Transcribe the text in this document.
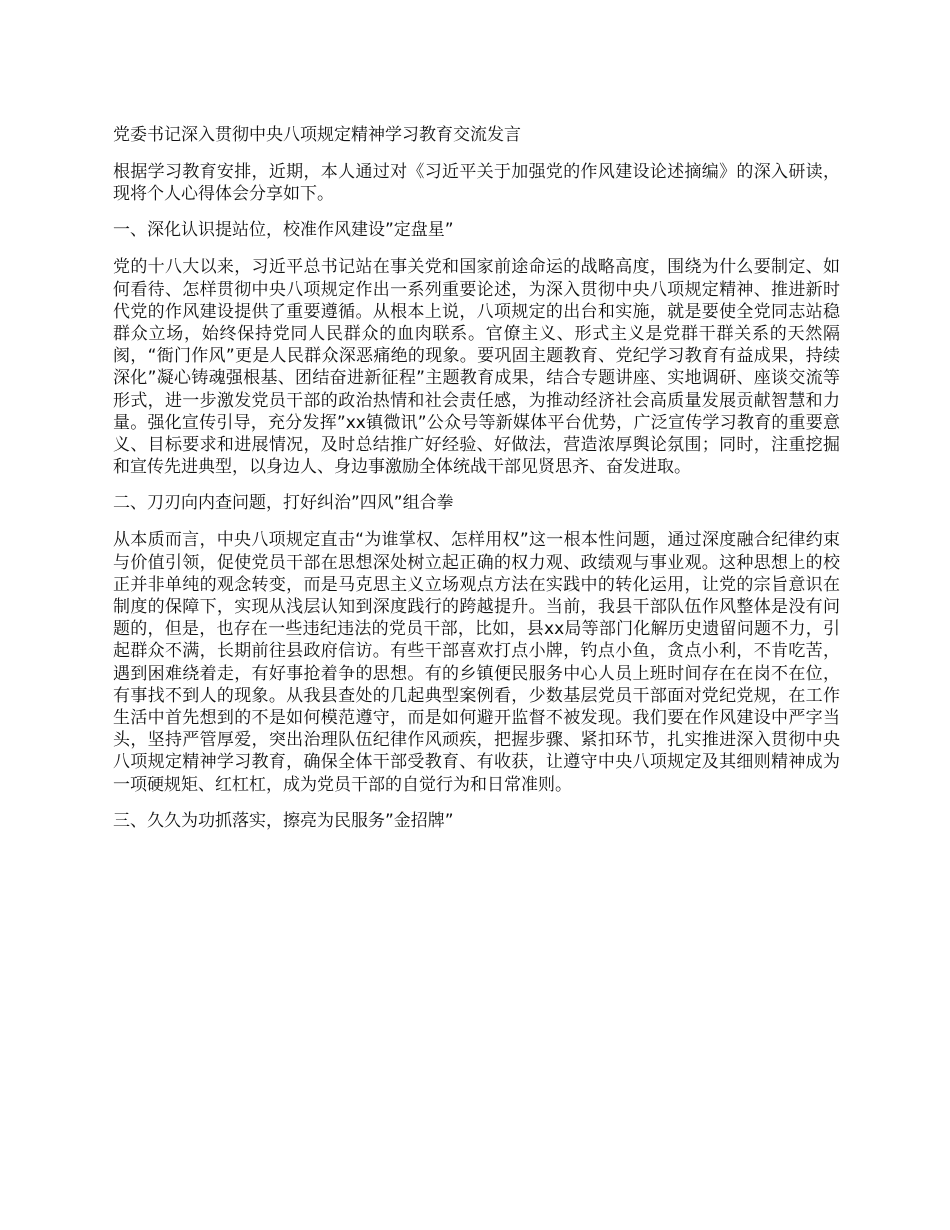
党委书记深入贯彻中央八项规定精神学习教育交流发言

根据学习教育安排，近期，本人通过对《习近平关于加强党的作风建设论述摘编》的深入研读，现将个人心得体会分享如下。

一、深化认识提站位，校准作风建设”定盘星”

党的十八大以来，习近平总书记站在事关党和国家前途命运的战略高度，围绕为什么要制定、如何看待、怎样贯彻中央八项规定作出一系列重要论述，为深入贯彻中央八项规定精神、推进新时代党的作风建设提供了重要遵循。从根本上说，八项规定的出台和实施，就是要使全党同志站稳群众立场，始终保持党同人民群众的血肉联系。官僚主义、形式主义是党群干群关系的天然隔阂，“衙门作风”更是人民群众深恶痛绝的现象。要巩固主题教育、党纪学习教育有益成果，持续深化”凝心铸魂强根基、团结奋进新征程”主题教育成果，结合专题讲座、实地调研、座谈交流等形式，进一步激发党员干部的政治热情和社会责任感，为推动经济社会高质量发展贡献智慧和力量。强化宣传引导，充分发挥”xx镇微讯”公众号等新媒体平台优势，广泛宣传学习教育的重要意义、目标要求和进展情况，及时总结推广好经验、好做法，营造浓厚舆论氛围；同时，注重挖掘和宣传先进典型，以身边人、身边事激励全体统战干部见贤思齐、奋发进取。

二、刀刃向内查问题，打好纠治”四风”组合拳

从本质而言，中央八项规定直击“为谁掌权、怎样用权”这一根本性问题，通过深度融合纪律约束与价值引领，促使党员干部在思想深处树立起正确的权力观、政绩观与事业观。这种思想上的校正并非单纯的观念转变，而是马克思主义立场观点方法在实践中的转化运用，让党的宗旨意识在制度的保障下，实现从浅层认知到深度践行的跨越提升。当前，我县干部队伍作风整体是没有问题的，但是，也存在一些违纪违法的党员干部，比如，县xx局等部门化解历史遗留问题不力，引起群众不满，长期前往县政府信访。有些干部喜欢打点小牌，钓点小鱼，贪点小利，不肯吃苦，遇到困难绕着走，有好事抢着争的思想。有的乡镇便民服务中心人员上班时间存在在岗不在位，有事找不到人的现象。从我县查处的几起典型案例看，少数基层党员干部面对党纪党规，在工作生活中首先想到的不是如何模范遵守，而是如何避开监督不被发现。我们要在作风建设中严字当头，坚持严管厚爱，突出治理队伍纪律作风顽疾，把握步骤、紧扣环节，扎实推进深入贯彻中央八项规定精神学习教育，确保全体干部受教育、有收获，让遵守中央八项规定及其细则精神成为一项硬规矩、红杠杠，成为党员干部的自觉行为和日常准则。

三、久久为功抓落实，擦亮为民服务”金招牌”
